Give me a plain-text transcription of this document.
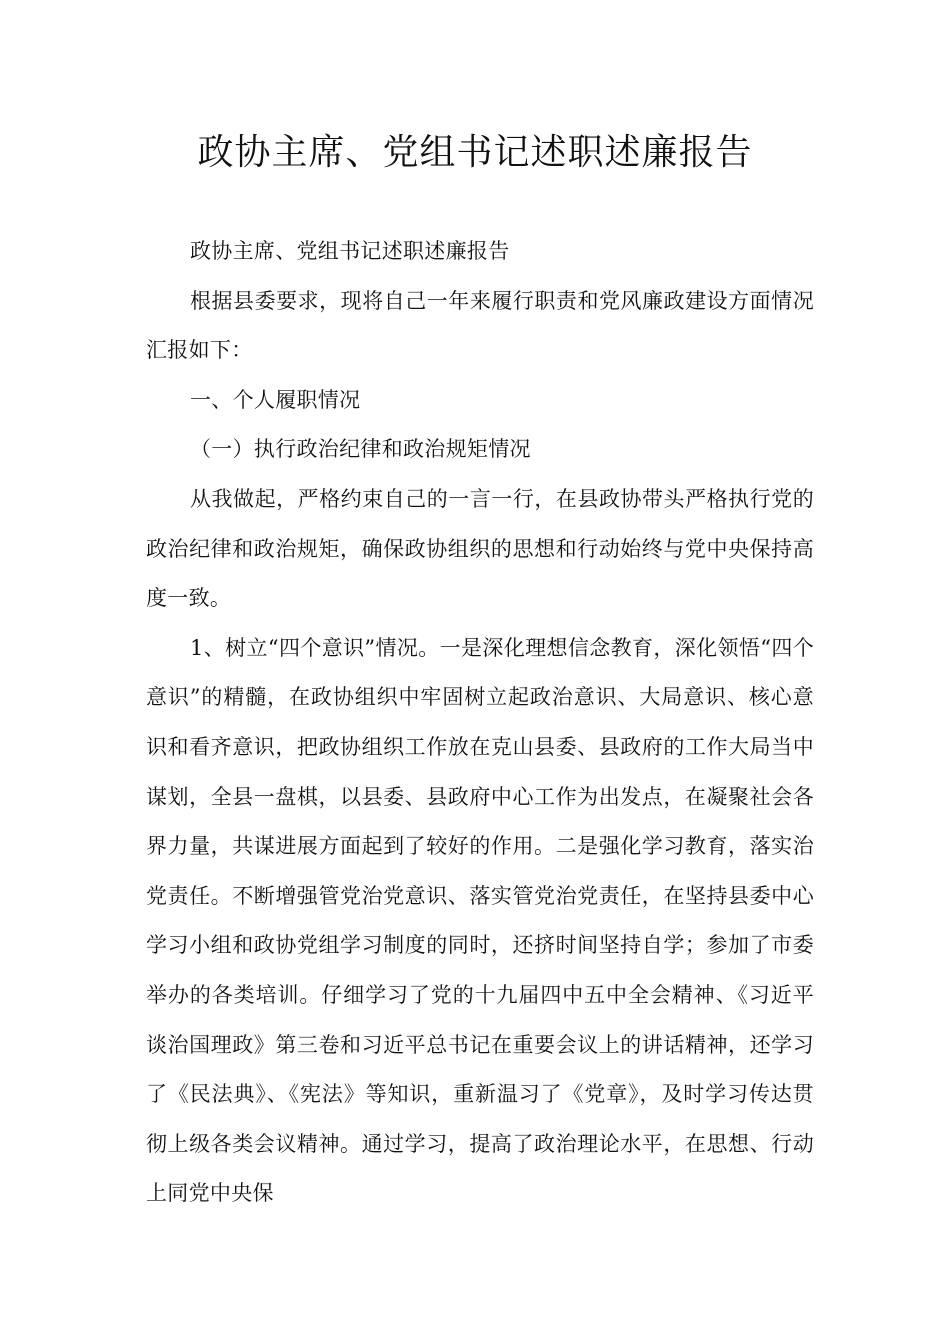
政协主席、党组书记述职述廉报告

政协主席、党组书记述职述廉报告

根据县委要求，现将自己一年来履行职责和党风廉政建设方面情况汇报如下：

一、个人履职情况

（一）执行政治纪律和政治规矩情况

从我做起，严格约束自己的一言一行，在县政协带头严格执行党的政治纪律和政治规矩，确保政协组织的思想和行动始终与党中央保持高度一致。

1、树立“四个意识”情况。一是深化理想信念教育，深化领悟“四个意识”的精髓，在政协组织中牢固树立起政治意识、大局意识、核心意识和看齐意识，把政协组织工作放在克山县委、县政府的工作大局当中谋划，全县一盘棋，以县委、县政府中心工作为出发点，在凝聚社会各界力量，共谋进展方面起到了较好的作用。二是强化学习教育，落实治党责任。不断增强管党治党意识、落实管党治党责任，在坚持县委中心学习小组和政协党组学习制度的同时，还挤时间坚持自学；参加了市委举办的各类培训。仔细学习了党的十九届四中五中全会精神、《习近平谈治国理政》第三卷和习近平总书记在重要会议上的讲话精神，还学习了《民法典》、《宪法》等知识，重新温习了《党章》，及时学习传达贯彻上级各类会议精神。通过学习，提高了政治理论水平，在思想、行动上同党中央保
